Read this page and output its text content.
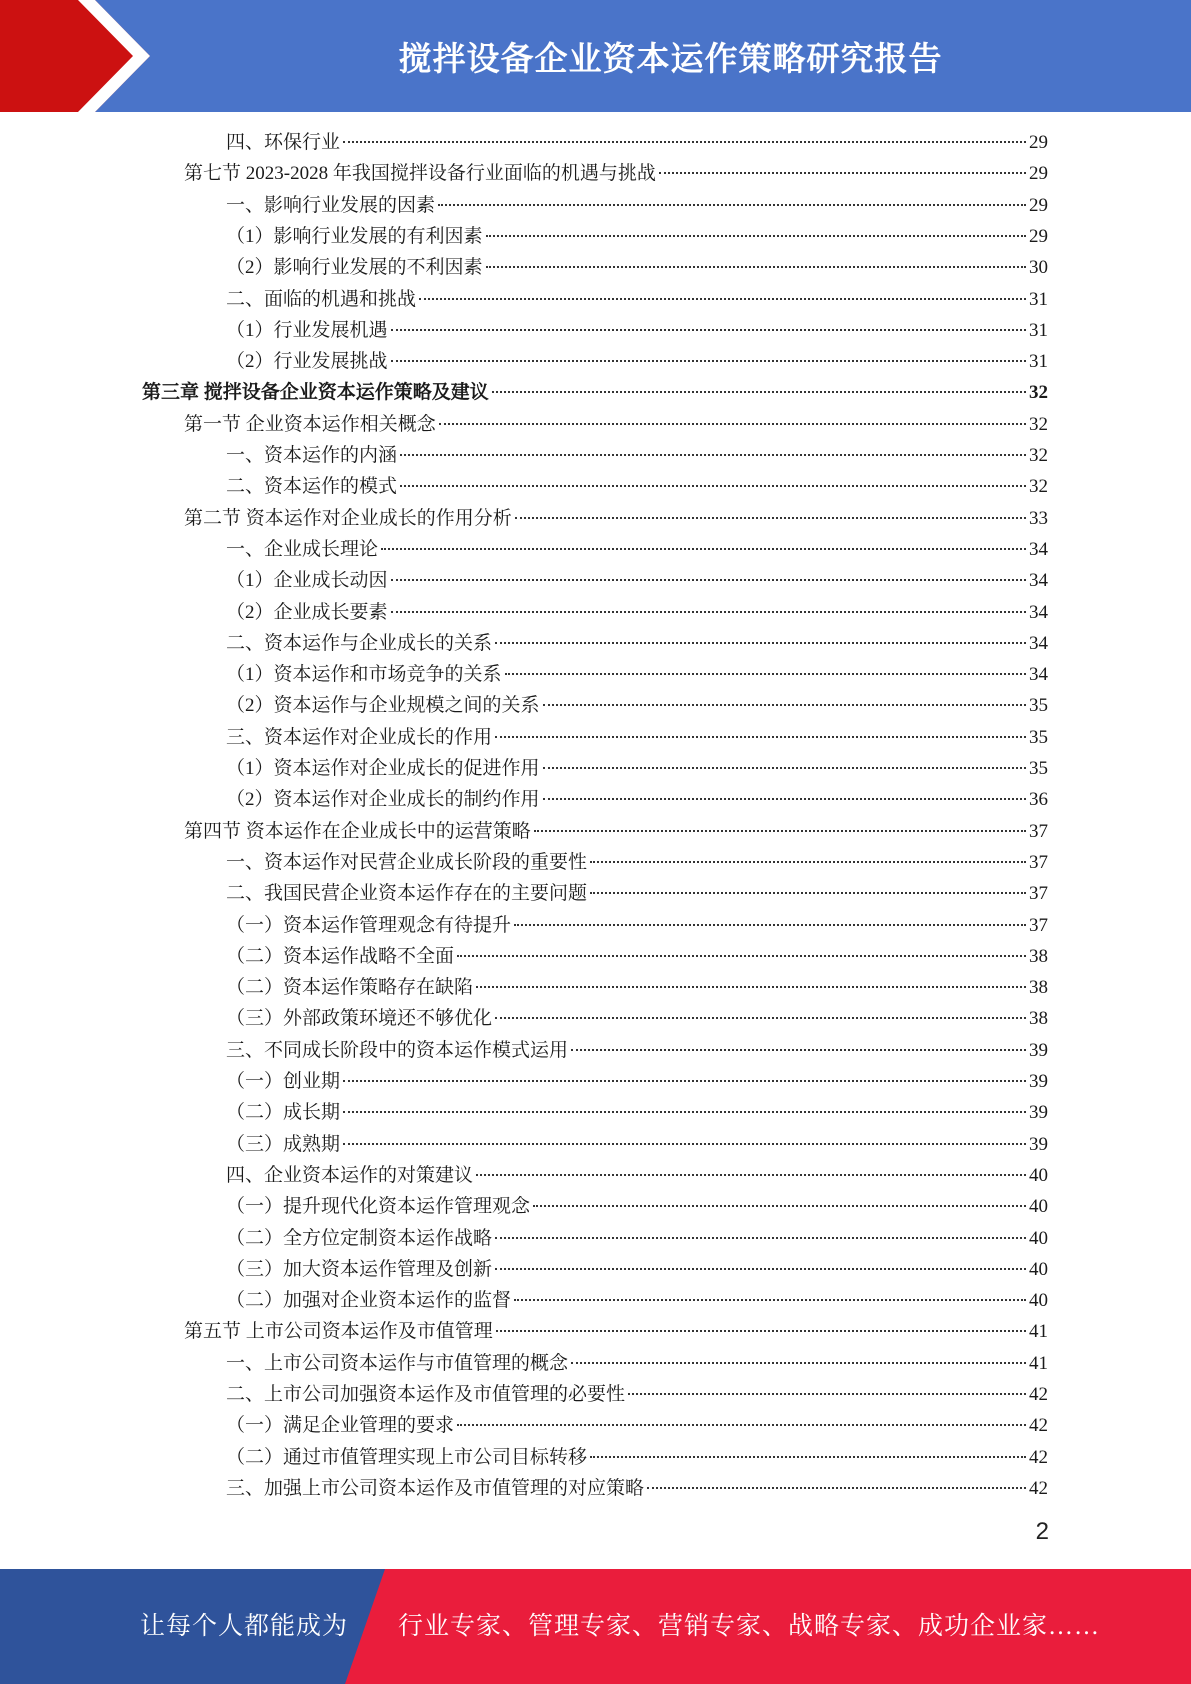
搅拌设备企业资本运作策略研究报告
四、环保行业	29
第七节 2023-2028 年我国搅拌设备行业面临的机遇与挑战	29
一、影响行业发展的因素	29
（1）影响行业发展的有利因素	29
（2）影响行业发展的不利因素	30
二、面临的机遇和挑战	31
（1）行业发展机遇	31
（2）行业发展挑战	31
第三章 搅拌设备企业资本运作策略及建议	32
第一节 企业资本运作相关概念	32
一、资本运作的内涵	32
二、资本运作的模式	32
第二节 资本运作对企业成长的作用分析	33
一、企业成长理论	34
（1）企业成长动因	34
（2）企业成长要素	34
二、资本运作与企业成长的关系	34
（1）资本运作和市场竞争的关系	34
（2）资本运作与企业规模之间的关系	35
三、资本运作对企业成长的作用	35
（1）资本运作对企业成长的促进作用	35
（2）资本运作对企业成长的制约作用	36
第四节 资本运作在企业成长中的运营策略	37
一、资本运作对民营企业成长阶段的重要性	37
二、我国民营企业资本运作存在的主要问题	37
（一）资本运作管理观念有待提升	37
（二）资本运作战略不全面	38
（二）资本运作策略存在缺陷	38
（三）外部政策环境还不够优化	38
三、不同成长阶段中的资本运作模式运用	39
（一）创业期	39
（二）成长期	39
（三）成熟期	39
四、企业资本运作的对策建议	40
（一）提升现代化资本运作管理观念	40
（二）全方位定制资本运作战略	40
（三）加大资本运作管理及创新	40
（二）加强对企业资本运作的监督	40
第五节 上市公司资本运作及市值管理	41
一、上市公司资本运作与市值管理的概念	41
二、上市公司加强资本运作及市值管理的必要性	42
（一）满足企业管理的要求	42
（二）通过市值管理实现上市公司目标转移	42
三、加强上市公司资本运作及市值管理的对应策略	42
2
让每个人都能成为 行业专家、管理专家、营销专家、战略专家、成功企业家……
